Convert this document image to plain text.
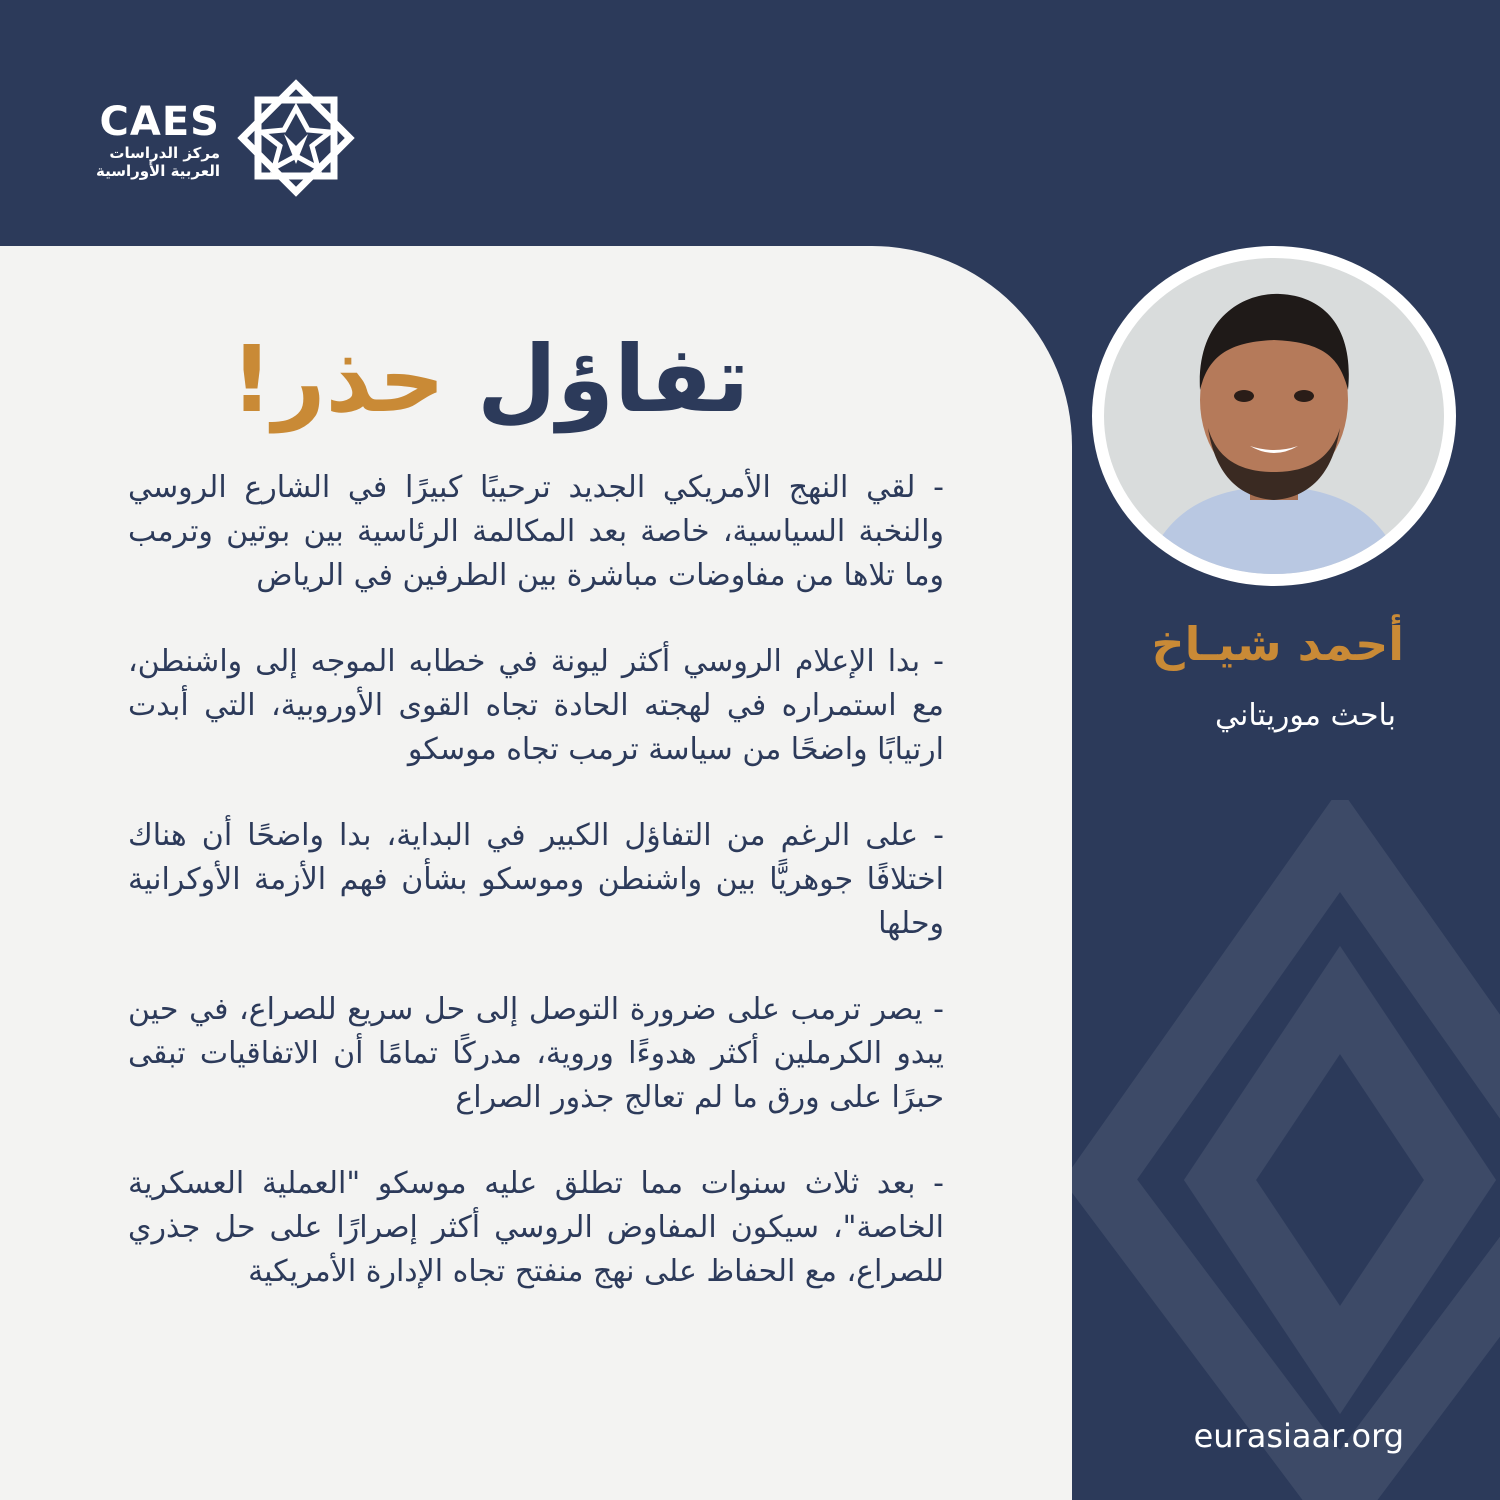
CAES
مركز الدراسات
العربية الأوراسية
تفاؤل حذر!

- لقي النهج الأمريكي الجديد ترحيبًا كبيرًا في الشارع الروسي والنخبة السياسية، خاصة بعد المكالمة الرئاسية بين بوتين وترمب وما تلاها من مفاوضات مباشرة بين الطرفين في الرياض

- بدا الإعلام الروسي أكثر ليونة في خطابه الموجه إلى واشنطن، مع استمراره في لهجته الحادة تجاه القوى الأوروبية، التي أبدت ارتيابًا واضحًا من سياسة ترمب تجاه موسكو

- على الرغم من التفاؤل الكبير في البداية، بدا واضحًا أن هناك اختلافًا جوهريًّا بين واشنطن وموسكو بشأن فهم الأزمة الأوكرانية وحلها

- يصر ترمب على ضرورة التوصل إلى حل سريع للصراع، في حين يبدو الكرملين أكثر هدوءًا وروية، مدركًا تمامًا أن الاتفاقيات تبقى حبرًا على ورق ما لم تعالج جذور الصراع

- بعد ثلاث سنوات مما تطلق عليه موسكو "العملية العسكرية الخاصة"، سيكون المفاوض الروسي أكثر إصرارًا على حل جذري للصراع، مع الحفاظ على نهج منفتح تجاه الإدارة الأمريكية

أحمد شيـاخ
باحث موريتاني
eurasiaar.org
